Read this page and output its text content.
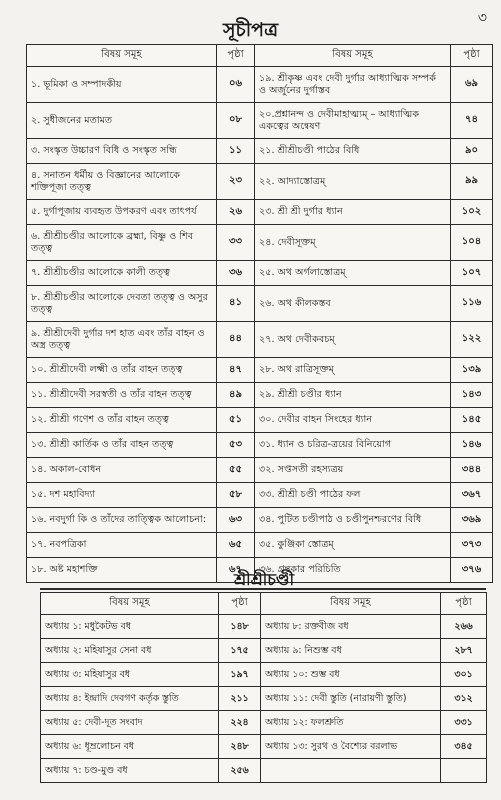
৩
সূচীপত্র
বিষয় সমূহ	পৃষ্ঠা	বিষয় সমূহ	পৃষ্ঠা
১. ভূমিকা ও সম্পাদকীয়	০৬	১৯. শ্রীকৃষ্ণ এবং দেবী দুর্গার আধ্যাত্মিক সম্পর্ক ও অর্জুনের দুর্গাস্তব	৬৯
২. সুধীজনের মতামত	০৮	২০.প্রশ্নানন্দ ও দেবীমাহাত্ম্যম্ – আধ্যাত্মিক একত্বের অন্বেষণ	৭৪
৩. সংস্কৃত উচ্চারণ বিধি ও সংস্কৃত সন্ধি	১১	২১. শ্রীশ্রীচণ্ডী পাঠের বিধি	৯০
৪. সনাতন ধর্মীয় ও বিজ্ঞানের আলোকে শক্তিপূজা তত্ত্ব	২৩	২২. আদ্যাস্তোত্রম্	৯৯
৫. দুর্গাপূজায় ব্যবহৃত উপকরণ এবং তাৎপর্য	২৬	২৩. শ্রী শ্রী দুর্গার ধ্যান	১০২
৬. শ্রীশ্রীচণ্ডীর আলোকে ব্রহ্মা, বিষ্ণু ও শিব তত্ত্ব	৩৩	২৪. দেবীসূক্তম্	১০৪
৭. শ্রীশ্রীচণ্ডীর আলোকে কালী তত্ত্ব	৩৬	২৫. অথ অর্গলাস্তোত্রম্	১০৭
৮. শ্রীশ্রীচণ্ডীর আলোকে দেবতা তত্ত্ব ও অসুর তত্ত্ব	৪১	২৬. অথ কীলকস্তব	১১৬
৯. শ্রীশ্রীদেবী দুর্গার দশ হাত এবং তাঁর বাহন ও অস্ত্র তত্ত্ব	৪৪	২৭. অথ দেবীকবচম্	১২২
১০. শ্রীশ্রীদেবী লক্ষ্মী ও তাঁর বাহন তত্ত্ব	৪৭	২৮. অথ রাত্রিসূক্তম্	১৩৯
১১. শ্রীশ্রীদেবী সরস্বতী ও তাঁর বাহন তত্ত্ব	৪৯	২৯. শ্রীশ্রী চণ্ডীর ধ্যান	১৪৩
১২. শ্রীশ্রী গণেশ ও তাঁর বাহন তত্ত্ব	৫১	৩০. দেবীর বাহন সিংহের ধ্যান	১৪৫
১৩. শ্রীশ্রী কার্তিক ও তাঁর বাহন তত্ত্ব	৫৩	৩১. ধ্যান ও চরিত্র-ত্রয়ের বিনিয়োগ	১৪৬
১৪. অকাল-বোধন	৫৫	৩২. সপ্তসতী রহস্যত্রয়	৩৪৪
১৫. দশ মহাবিদ্যা	৫৮	৩৩. শ্রীশ্রী চণ্ডী পাঠের ফল	৩৬৭
১৬. নবদুর্গা কি ও তাঁদের তাত্ত্বিক আলোচনা:	৬৩	৩৪. পুটিত চণ্ডীপাঠ ও চণ্ডীপুনশ্চরণের বিধি	৩৬৯
১৭. নবপত্রিকা	৬৫	৩৫. কুঞ্জিকা স্তোত্রম্	৩৭৩
১৮. অষ্ট মহাশক্তি	৬৭	৩৬. গ্রন্থকার পরিচিতি	৩৭৬
শ্রীশ্রীচণ্ডী
বিষয় সমূহ	পৃষ্ঠা	বিষয় সমূহ	পৃষ্ঠা
অধ্যায় ১: মধুকৈটভ বধ	১৪৮	অধ্যায় ৮: রক্তবীজ বধ	২৬৬
অধ্যায় ২: মহিষাসুর সেনা বধ	১৭৫	অধ্যায় ৯: নিশুম্ভ বধ	২৮৭
অধ্যায় ৩: মহিষাসুর বধ	১৯৭	অধ্যায় ১০: শুম্ভ বধ	৩০১
অধ্যায় ৪: ইন্দ্রাদি দেবগণ কর্তৃক স্তুতি	২১১	অধ্যায় ১১: দেবী স্তুতি (নারায়ণী স্তুতি)	৩১২
অধ্যায় ৫: দেবী-দূত সংবাদ	২২৪	অধ্যায় ১২: ফলশ্রুতি	৩৩১
অধ্যায় ৬: ধূম্রলোচন বধ	২৪৮	অধ্যায় ১৩: সুরথ ও বৈশ্যের বরলাভ	৩৪৫
অধ্যায় ৭: চণ্ড-মুণ্ড বধ	২৫৬		
